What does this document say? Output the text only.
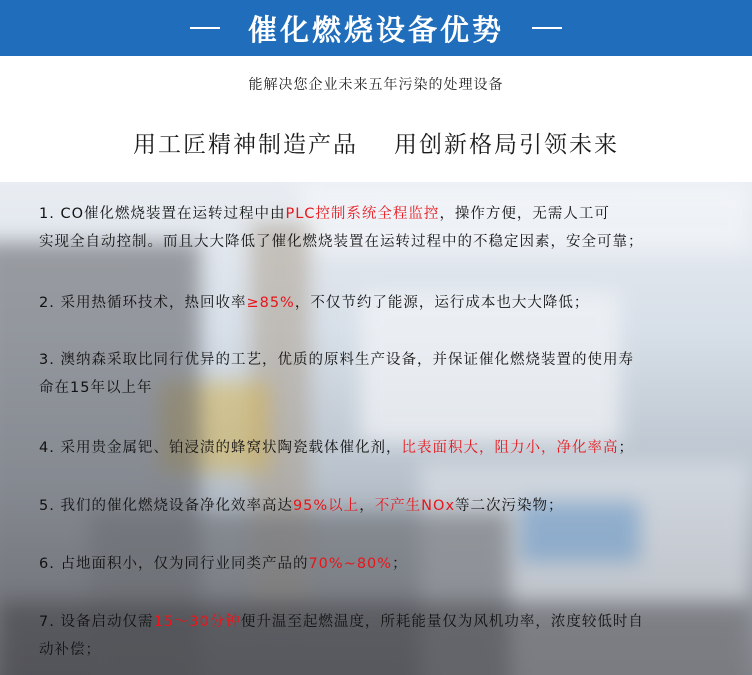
催化燃烧设备优势
能解决您企业未来五年污染的处理设备
用工匠精神制造产品 用创新格局引领未来
1. CO催化燃烧装置在运转过程中由PLC控制系统全程监控，操作方便，无需人工可
实现全自动控制。而且大大降低了催化燃烧装置在运转过程中的不稳定因素，安全可靠；
2. 采用热循环技术，热回收率≥85%，不仅节约了能源，运行成本也大大降低；
3. 澳纳森采取比同行优异的工艺，优质的原料生产设备，并保证催化燃烧装置的使用寿
命在15年以上年
4. 采用贵金属钯、铂浸渍的蜂窝状陶瓷载体催化剂，比表面积大，阻力小，净化率高；
5. 我们的催化燃烧设备净化效率高达95%以上，不产生NOx等二次污染物；
6. 占地面积小，仅为同行业同类产品的70%~80%；
7. 设备启动仅需15～30分钟便升温至起燃温度，所耗能量仅为风机功率，浓度较低时自
动补偿；
